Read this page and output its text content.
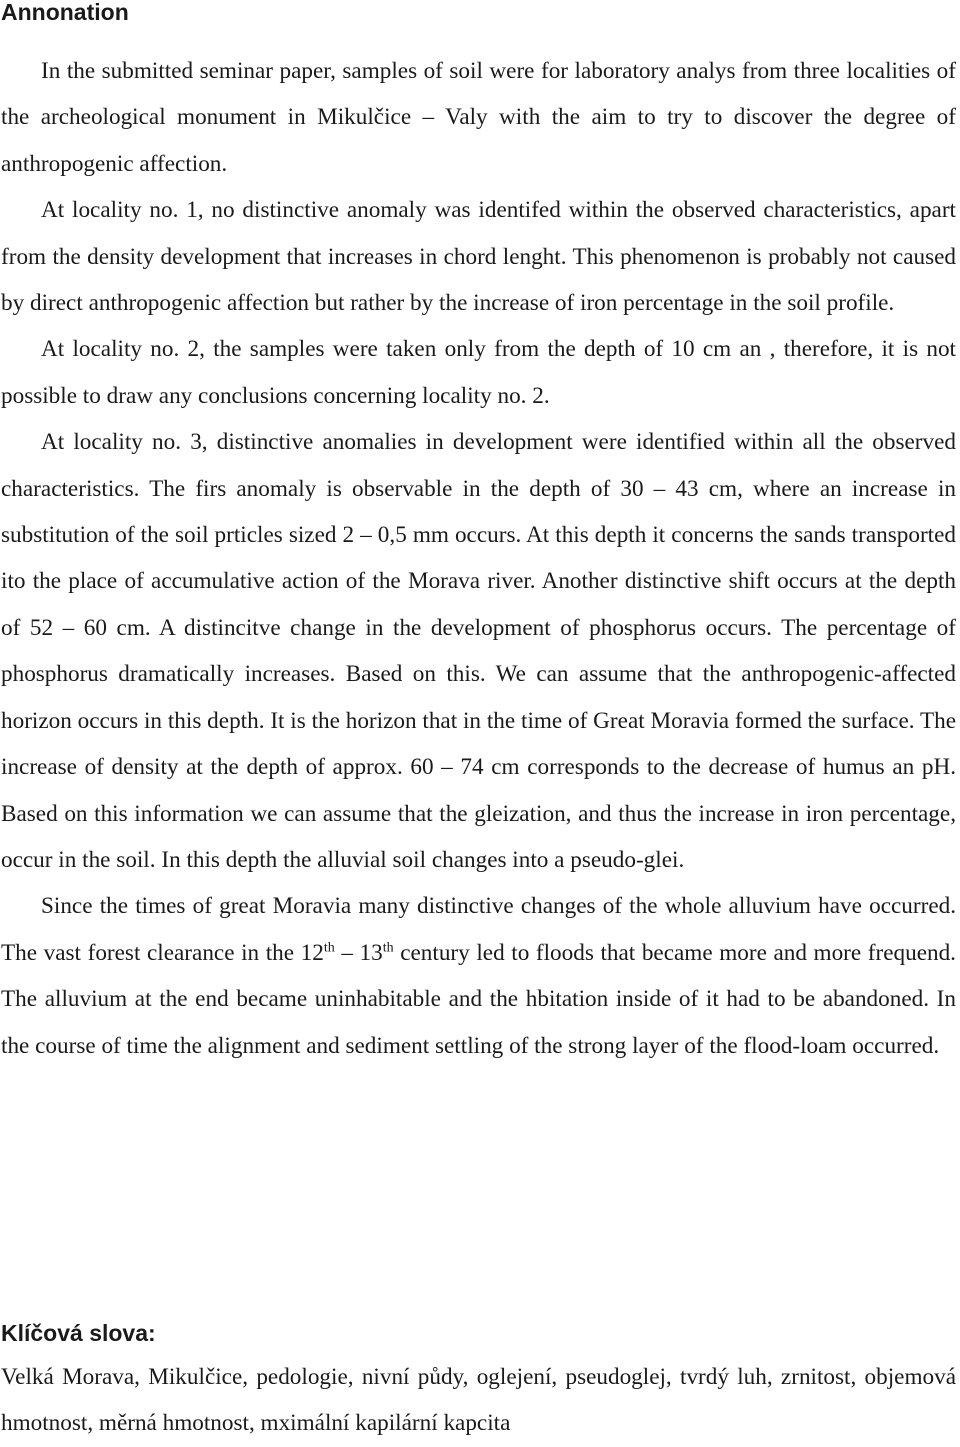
Annonation

In the submitted seminar paper, samples of soil were for laboratory analys from three localities of the archeological monument in Mikulčice – Valy with the aim to try to discover the degree of anthropogenic affection.

At locality no. 1, no distinctive anomaly was identifed within the observed characteristics, apart from the density development that increases in chord lenght. This phenomenon is probably not caused by direct anthropogenic affection but rather by the increase of iron percentage in the soil profile.

At locality no. 2, the samples were taken only from the depth of 10 cm an , therefore, it is not possible to draw any conclusions concerning locality no. 2.

At locality no. 3, distinctive anomalies in development were identified within all the observed characteristics. The firs anomaly is observable in the depth of 30 – 43 cm, where an increase in substitution of the soil prticles sized 2 – 0,5 mm occurs. At this depth it concerns the sands transported ito the place of accumulative action of the Morava river. Another distinctive shift occurs at the depth of 52 – 60 cm. A distincitve change in the development of phosphorus occurs. The percentage of phosphorus dramatically increases. Based on this. We can assume that the anthropogenic-affected horizon occurs in this depth. It is the horizon that in the time of Great Moravia formed the surface. The increase of density at the depth of approx. 60 – 74 cm corresponds to the decrease of humus an pH. Based on this information we can assume that the gleization, and thus the increase in iron percentage, occur in the soil. In this depth the alluvial soil changes into a pseudo-glei.

Since the times of great Moravia many distinctive changes of the whole alluvium have occurred. The vast forest clearance in the 12th – 13th century led to floods that became more and more frequend. The alluvium at the end became uninhabitable and the hbitation inside of it had to be abandoned. In the course of time the alignment and sediment settling of the strong layer of the flood-loam occurred.

Klíčová slova:

Velká Morava, Mikulčice, pedologie, nivní půdy, oglejení, pseudoglej, tvrdý luh, zrnitost, objemová hmotnost, měrná hmotnost, mximální kapilární kapcita
